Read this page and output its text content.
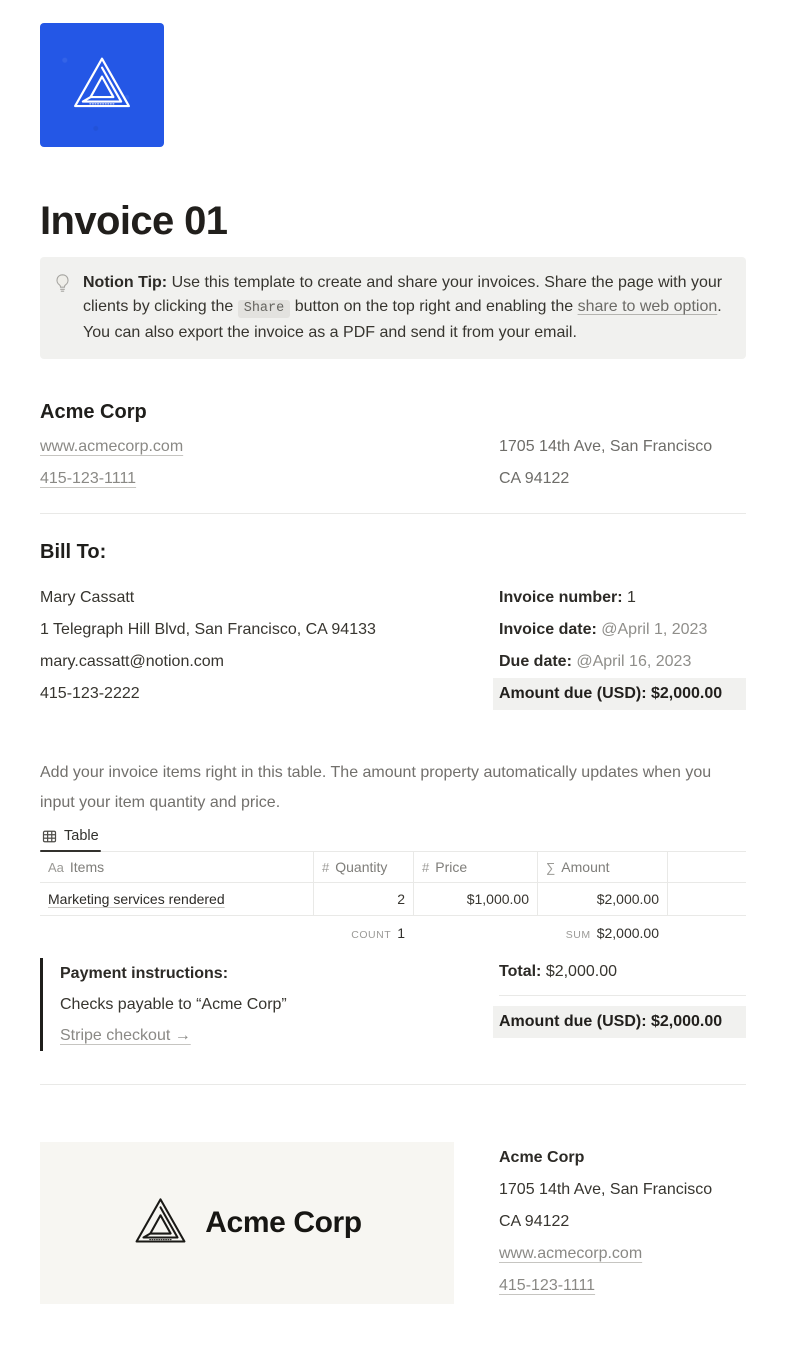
Invoice 01

Notion Tip: Use this template to create and share your invoices. Share the page with your clients by clicking the Share button on the top right and enabling the share to web option. You can also export the invoice as a PDF and send it from your email.

Acme Corp
www.acmecorp.com
415-123-1111
1705 14th Ave, San Francisco
CA 94122
Bill To:
Mary Cassatt
1 Telegraph Hill Blvd, San Francisco, CA 94133
mary.cassatt@notion.com
415-123-2222
Invoice number: 1
Invoice date: @April 1, 2023
Due date: @April 16, 2023
Amount due (USD): $2,000.00

Add your invoice items right in this table. The amount property automatically updates when you input your item quantity and price.

Table
Aa Items	# Quantity	# Price	∑ Amount
Marketing services rendered	2	$1,000.00	$2,000.00
COUNT 1	SUM $2,000.00
Payment instructions:
Checks payable to “Acme Corp”
Stripe checkout →
Total: $2,000.00
Amount due (USD): $2,000.00
Acme Corp
Acme Corp
1705 14th Ave, San Francisco
CA 94122
www.acmecorp.com
415-123-1111
